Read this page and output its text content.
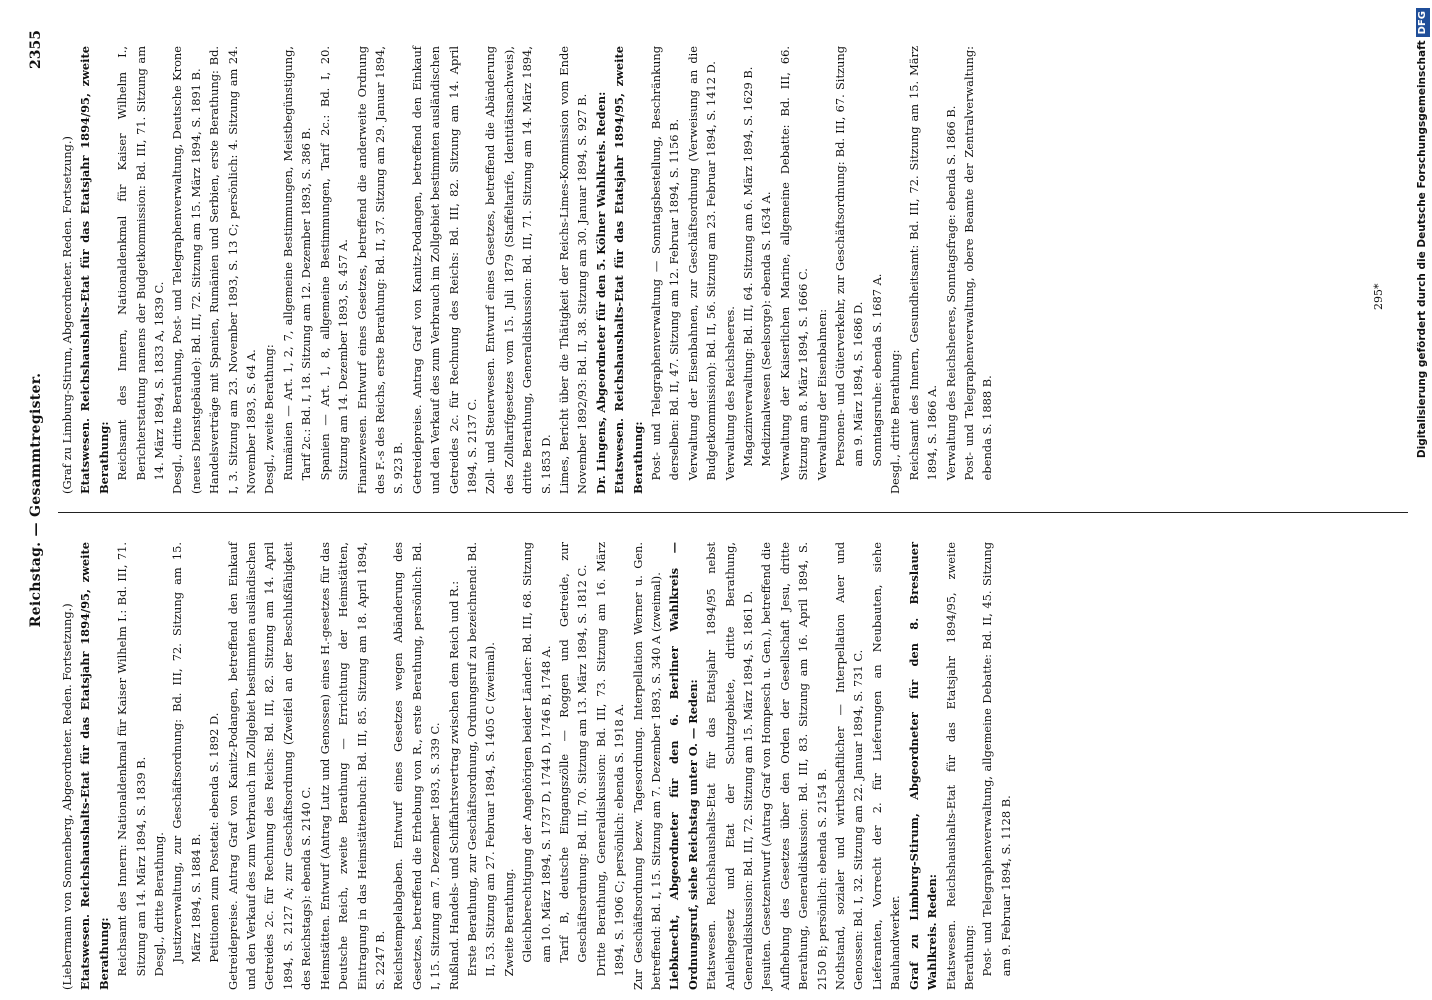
Reichstag. — Gesammtregister.
2355

(Liebermann von Sonnenberg, Abgeordneter. Reden. Fortsetzung.) Etatswesen. Reichshaushalts-Etat für das Etatsjahr 1894/95, zweite Berathung: Reichsamt des Innern: Nationaldenkmal für Kaiser Wilhelm I.: Bd. III, 71. Sitzung am 14. März 1894, S. 1839 B. Desgl., dritte Berathung. Justizverwaltung, zur Geschäftsordnung: Bd. III, 72. Sitzung am 15. März 1894, S. 1884 B. Petitionen zum Postetat: ebenda S. 1892 D. Getreidepreise. Antrag Graf von Kanitz-Podangen, betreffend den Einkauf und den Verkauf des zum Verbrauch im Zollgebiet bestimmten ausländischen Getreides 2c. für Rechnung des Reichs: Bd. III, 82. Sitzung am 14. April 1894, S. 2127 A; zur Geschäftsordnung (Zweifel an der Beschlußfähigkeit des Reichstags): ebenda S. 2140 C. Heimstätten. Entwurf (Antrag Lutz und Genossen) eines H.-gesetzes für das Deutsche Reich, zweite Berathung — Errichtung der Heimstätten, Eintragung in das Heimstättenbuch: Bd. III, 85. Sitzung am 18. April 1894, S. 2247 B. Reichstempelabgaben. Entwurf eines Gesetzes wegen Abänderung des Gesetzes, betreffend die Erhebung von R., erste Berathung, persönlich: Bd. I, 15. Sitzung am 7. Dezember 1893, S. 339 C. Rußland. Handels- und Schiffahrtsvertrag zwischen dem Reich und R.: Erste Berathung, zur Geschäftsordnung, Ordnungsruf zu bezeichnend: Bd. II, 53. Sitzung am 27. Februar 1894, S. 1405 C (zweimal). Zweite Berathung. Gleichberechtigung der Angehörigen beider Länder: Bd. III, 68. Sitzung am 10. März 1894, S. 1737 D, 1744 D, 1746 B, 1748 A. Tarif B, deutsche Eingangszölle — Roggen und Getreide, zur Geschäftsordnung: Bd. III, 70. Sitzung am 13. März 1894, S. 1812 C. Dritte Berathung, Generaldiskussion: Bd. III, 73. Sitzung am 16. März 1894, S. 1906 C; persönlich: ebenda S. 1918 A. Zur Geschäftsordnung bezw. Tagesordnung. Interpellation Werner u. Gen. betreffend: Bd. I, 15. Sitzung am 7. Dezember 1893, S. 340 A (zweimal). Liebknecht, Abgeordneter für den 6. Berliner Wahlkreis — Ordnungsruf, siehe Reichstag unter O. — Reden: Etatswesen. Reichshaushalts-Etat für das Etatsjahr 1894/95 nebst Anleihegesetz und Etat der Schutzgebiete, dritte Berathung, Generaldiskussion: Bd. III, 72. Sitzung am 15. März 1894, S. 1861 D. Jesuiten. Gesetzentwurf (Antrag Graf von Hompesch u. Gen.), betreffend die Aufhebung des Gesetzes über den Orden der Gesellschaft Jesu, dritte Berathung, Generaldiskussion: Bd. III, 83. Sitzung am 16. April 1894, S. 2150 B; persönlich: ebenda S. 2154 B. Nothstand, sozialer und wirthschaftlicher — Interpellation Auer und Genossen: Bd. I, 32. Sitzung am 22. Januar 1894, S. 731 C. Lieferanten, Vorrecht der 2. für Lieferungen an Neubauten, siehe Bauhandwerker. Graf zu Limburg-Stirum, Abgeordneter für den 8. Breslauer Wahlkreis. Reden: Etatswesen. Reichshaushalts-Etat für das Etatsjahr 1894/95, zweite Berathung: Post- und Telegraphenverwaltung, allgemeine Debatte: Bd. II, 45. Sitzung am 9. Februar 1894, S. 1128 B.

(Graf zu Limburg-Stirum, Abgeordneter. Reden. Fortsetzung.) Etatswesen. Reichshaushalts-Etat für das Etatsjahr 1894/95, zweite Berathung: Reichsamt des Innern, Nationaldenkmal für Kaiser Wilhelm I., Berichterstattung namens der Budgetkommission: Bd. III, 71. Sitzung am 14. März 1894, S. 1833 A, 1839 C. Desgl., dritte Berathung, Post- und Telegraphenverwaltung, Deutsche Krone (neues Dienstgebäude): Bd. III, 72. Sitzung am 15. März 1894, S. 1891 B. Handelsverträge mit Spanien, Rumänien und Serbien, erste Berathung: Bd. I, 3. Sitzung am 23. November 1893, S. 13 C; persönlich: 4. Sitzung am 24. November 1893, S. 64 A. Desgl., zweite Berathung: Rumänien — Art. 1, 2, 7, allgemeine Bestimmungen, Meistbegünstigung, Tarif 2c.: Bd. I, 18. Sitzung am 12. Dezember 1893, S. 386 B. Spanien — Art. 1, 8, allgemeine Bestimmungen, Tarif 2c.: Bd. I, 20. Sitzung am 14. Dezember 1893, S. 457 A. Finanzwesen. Entwurf eines Gesetzes, betreffend die anderweite Ordnung des F.-s des Reichs, erste Berathung: Bd. II, 37. Sitzung am 29. Januar 1894, S. 923 B. Getreidepreise. Antrag Graf von Kanitz-Podangen, betreffend den Einkauf und den Verkauf des zum Verbrauch im Zollgebiet bestimmten ausländischen Getreides 2c. für Rechnung des Reichs: Bd. III, 82. Sitzung am 14. April 1894, S. 2137 C. Zoll- und Steuerwesen. Entwurf eines Gesetzes, betreffend die Abänderung des Zolltarifgesetzes vom 15. Juli 1879 (Staffeltarife, Identitätsnachweis), dritte Berathung, Generaldiskussion: Bd. III, 71. Sitzung am 14. März 1894, S. 1853 D. Limes, Bericht über die Thätigkeit der Reichs-Limes-Kommission vom Ende November 1892/93: Bd. II, 38. Sitzung am 30. Januar 1894, S. 927 B. Dr. Lingens, Abgeordneter für den 5. Kölner Wahlkreis. Reden: Etatswesen. Reichshaushalts-Etat für das Etatsjahr 1894/95, zweite Berathung: Post- und Telegraphenverwaltung — Sonntagsbestellung, Beschränkung derselben: Bd. II, 47. Sitzung am 12. Februar 1894, S. 1156 B. Verwaltung der Eisenbahnen, zur Geschäftsordnung (Verweisung an die Budgetkommission): Bd. II, 56. Sitzung am 23. Februar 1894, S. 1412 D. Verwaltung des Reichsheeres. Magazinverwaltung: Bd. III, 64. Sitzung am 6. März 1894, S. 1629 B. Medizinalwesen (Seelsorge): ebenda S. 1634 A. Verwaltung der Kaiserlichen Marine, allgemeine Debatte: Bd. III, 66. Sitzung am 8. März 1894, S. 1666 C. Verwaltung der Eisenbahnen: Personen- und Güterverkehr, zur Geschäftsordnung: Bd. III, 67. Sitzung am 9. März 1894, S. 1686 D. Sonntagsruhe: ebenda S. 1687 A. Desgl., dritte Berathung: Reichsamt des Innern, Gesundheitsamt: Bd. III, 72. Sitzung am 15. März 1894, S. 1866 A. Verwaltung des Reichsheeres, Sonntagsfrage: ebenda S. 1866 B. Post- und Telegraphenverwaltung, obere Beamte der Zentralverwaltung: ebenda S. 1888 B.

295*	Digitalisierung gefördert durch die Deutsche ForschungsgemeinschaftDFG
